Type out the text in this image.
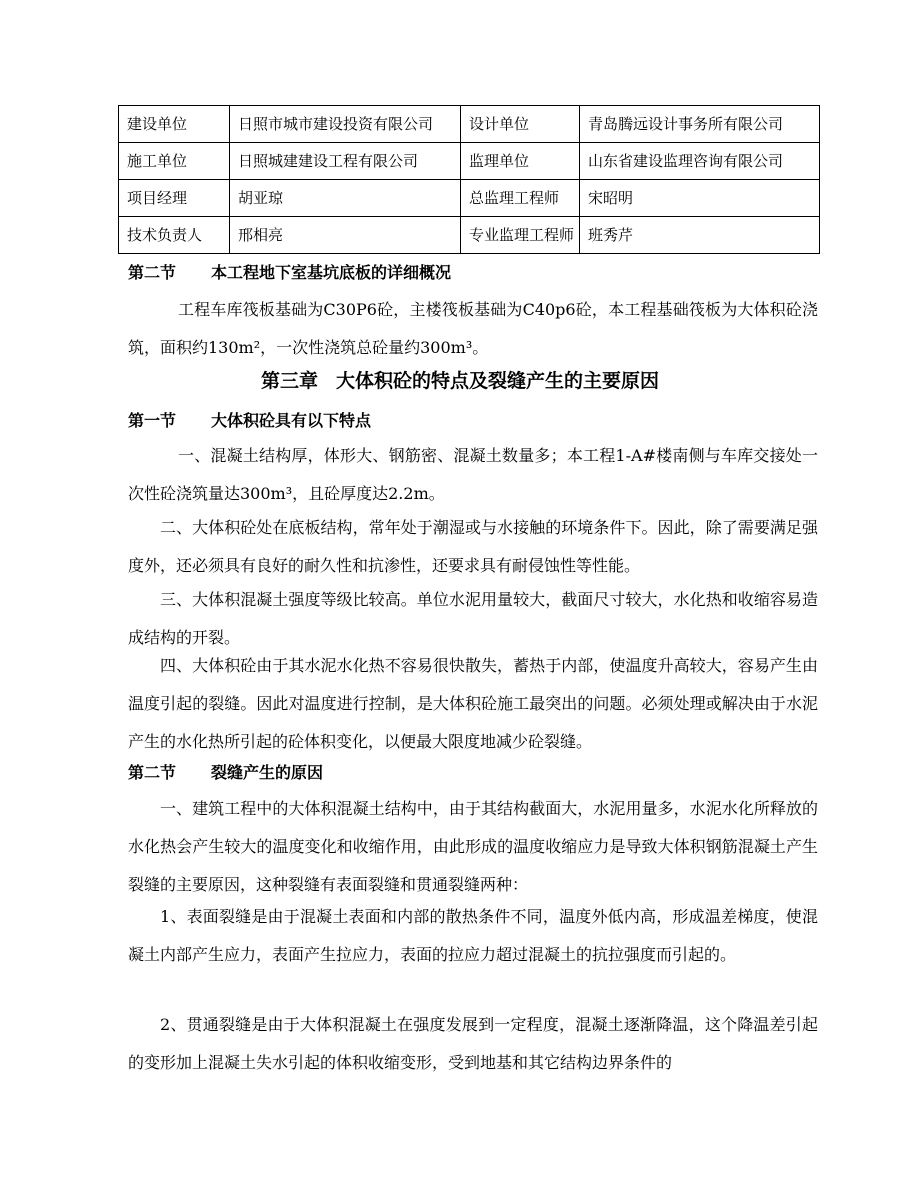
建设单位	日照市城市建设投资有限公司	设计单位	青岛腾远设计事务所有限公司
施工单位	日照城建建设工程有限公司	监理单位	山东省建设监理咨询有限公司
项目经理	胡亚琼	总监理工程师	宋昭明
技术负责人	邢相亮	专业监理工程师	班秀芹
第二节 本工程地下室基坑底板的详细概况
工程车库筏板基础为C30P6砼，主楼筏板基础为C40p6砼，本工程基础筏板为大体积砼浇筑，面积约130m²，一次性浇筑总砼量约300m³。
第三章 大体积砼的特点及裂缝产生的主要原因
第一节 大体积砼具有以下特点
一、混凝土结构厚，体形大、钢筋密、混凝土数量多；本工程1-A#楼南侧与车库交接处一次性砼浇筑量达300m³，且砼厚度达2.2m。
二、大体积砼处在底板结构，常年处于潮湿或与水接触的环境条件下。因此，除了需要满足强度外，还必须具有良好的耐久性和抗渗性，还要求具有耐侵蚀性等性能。
三、大体积混凝土强度等级比较高。单位水泥用量较大，截面尺寸较大，水化热和收缩容易造成结构的开裂。
四、大体积砼由于其水泥水化热不容易很快散失，蓄热于内部，使温度升高较大，容易产生由温度引起的裂缝。因此对温度进行控制，是大体积砼施工最突出的问题。必须处理或解决由于水泥产生的水化热所引起的砼体积变化，以便最大限度地减少砼裂缝。
第二节 裂缝产生的原因
一、建筑工程中的大体积混凝土结构中，由于其结构截面大，水泥用量多，水泥水化所释放的水化热会产生较大的温度变化和收缩作用，由此形成的温度收缩应力是导致大体积钢筋混凝土产生裂缝的主要原因，这种裂缝有表面裂缝和贯通裂缝两种：
1、表面裂缝是由于混凝土表面和内部的散热条件不同，温度外低内高，形成温差梯度，使混凝土内部产生应力，表面产生拉应力，表面的拉应力超过混凝土的抗拉强度而引起的。
2、贯通裂缝是由于大体积混凝土在强度发展到一定程度，混凝土逐渐降温，这个降温差引起的变形加上混凝土失水引起的体积收缩变形，受到地基和其它结构边界条件的
